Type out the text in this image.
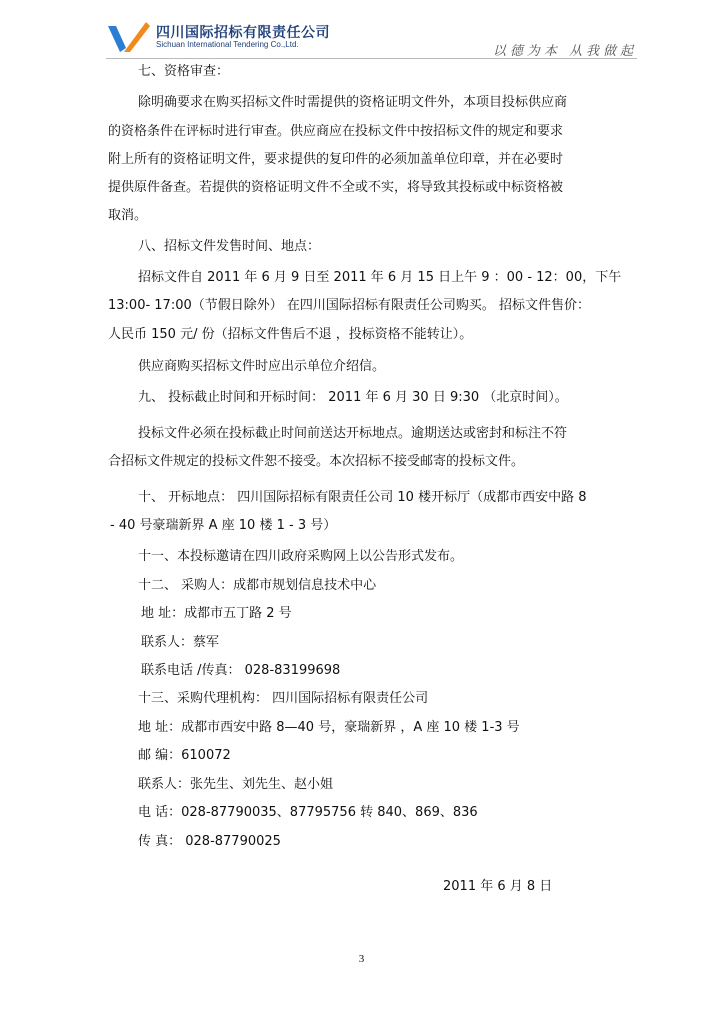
四川国际招标有限责任公司
Sichuan International Tendering Co.,Ltd.	以德为本 从我做起
七、资格审查：
除明确要求在购买招标文件时需提供的资格证明文件外，本项目投标供应商
的资格条件在评标时进行审查。供应商应在投标文件中按招标文件的规定和要求
附上所有的资格证明文件，要求提供的复印件的必须加盖单位印章，并在必要时
提供原件备查。若提供的资格证明文件不全或不实，将导致其投标或中标资格被
取消。
八、招标文件发售时间、地点：
招标文件自 2011 年 6 月 9 日至 2011 年 6 月 15 日上午 9 ：00 - 12：00，下午
13:00- 17:00（节假日除外） 在四川国际招标有限责任公司购买。 招标文件售价：
人民币 150 元/ 份（招标文件售后不退 ，投标资格不能转让）。
供应商购买招标文件时应出示单位介绍信。
九、 投标截止时间和开标时间： 2011 年 6 月 30 日 9:30 （北京时间）。
投标文件必须在投标截止时间前送达开标地点。逾期送达或密封和标注不符
合招标文件规定的投标文件恕不接受。本次招标不接受邮寄的投标文件。
十、 开标地点： 四川国际招标有限责任公司 10 楼开标厅（成都市西安中路 8
- 40 号豪瑞新界 A 座 10 楼 1 - 3 号）
十一、本投标邀请在四川政府采购网上以公告形式发布。
十二、 采购人：成都市规划信息技术中心
地 址：成都市五丁路 2 号
联系人：蔡军
联系电话 /传真： 028-83199698
十三、采购代理机构： 四川国际招标有限责任公司
地 址：成都市西安中路 8—40 号，豪瑞新界 ，A 座 10 楼 1-3 号
邮 编：610072
联系人：张先生、刘先生、赵小姐
电 话：028-87790035、87795756 转 840、869、836
传 真： 028-87790025
2011 年 6 月 8 日
3
